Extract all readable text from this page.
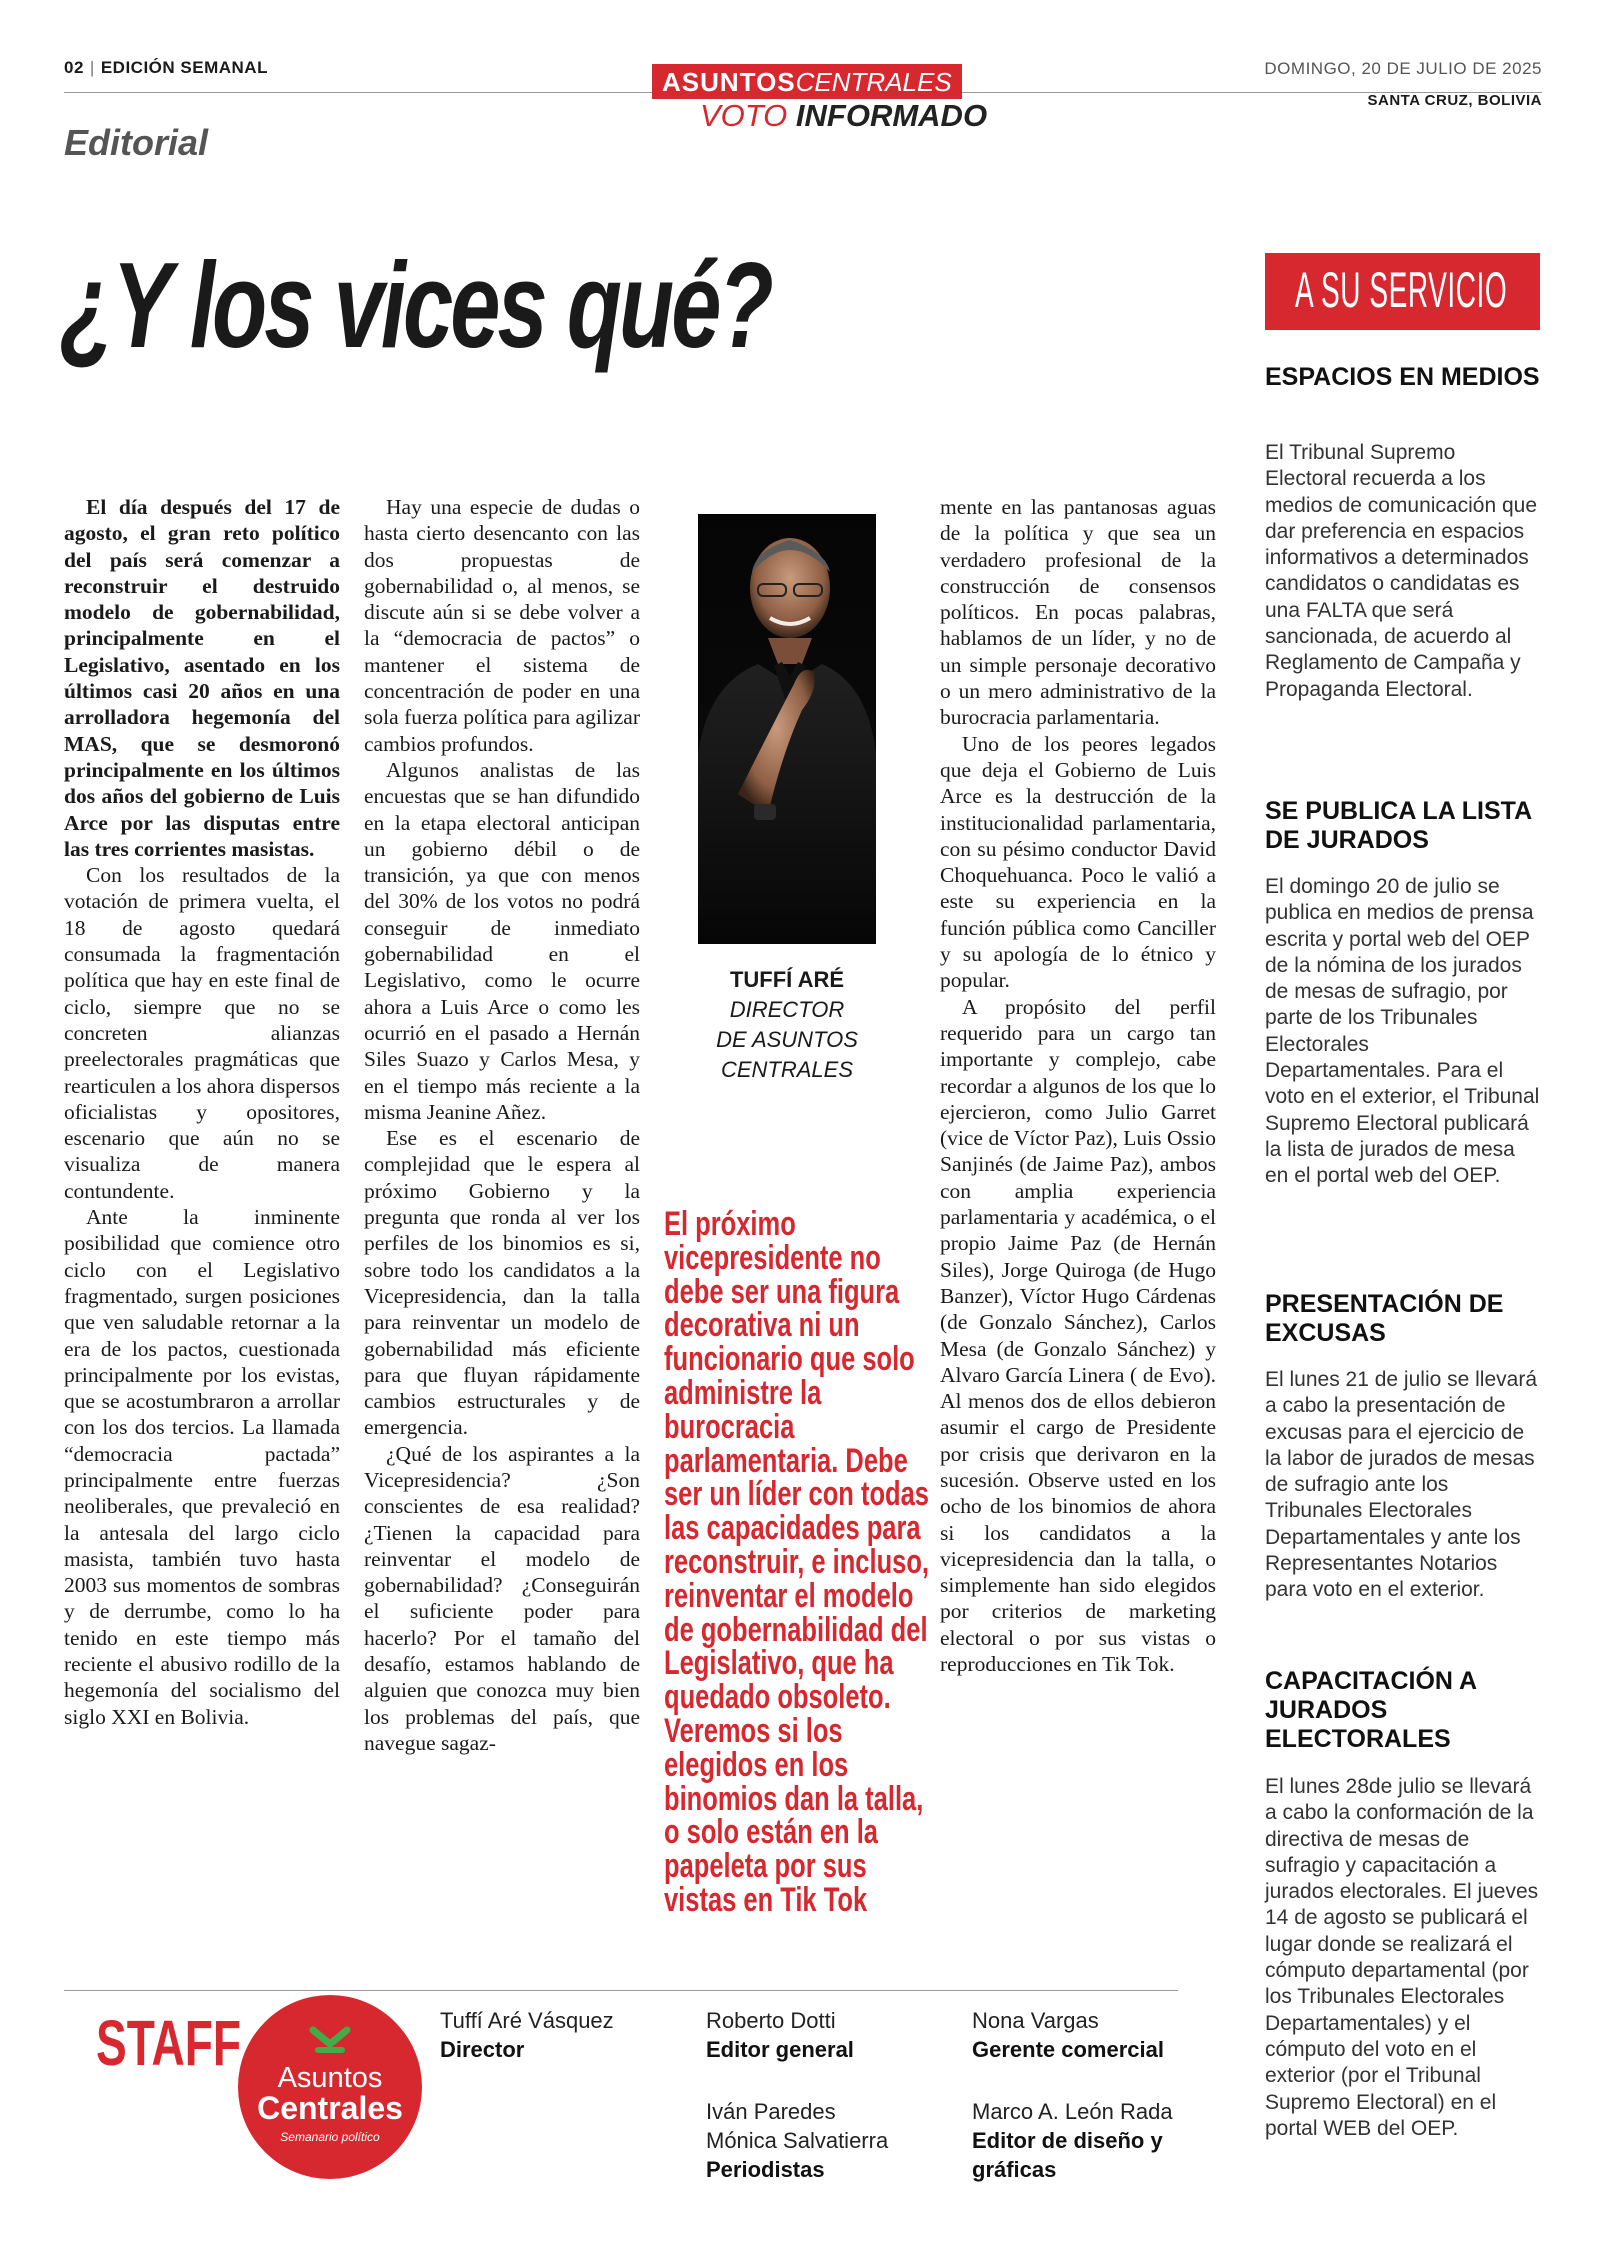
02 | EDICIÓN SEMANAL	DOMINGO, 20 DE JULIO DE 2025
SANTA CRUZ, BOLIVIA
ASUNTOSCENTRALES
VOTO INFORMADO
Editorial
¿Y los vices qué?

El día después del 17 de agosto, el gran reto político del país será comenzar a reconstruir el destruido modelo de gobernabilidad, principalmente en el Legislativo, asentado en los últimos casi 20 años en una arrolladora hegemonía del MAS, que se desmoronó principalmente en los últimos dos años del gobierno de Luis Arce por las disputas entre las tres corrientes masistas.

Con los resultados de la votación de primera vuelta, el 18 de agosto quedará consumada la fragmentación política que hay en este final de ciclo, siempre que no se concreten alianzas preelectorales pragmáticas que rearticulen a los ahora dispersos oficialistas y opositores, escenario que aún no se visualiza de manera contundente.

Ante la inminente posibilidad que comience otro ciclo con el Legislativo fragmentado, surgen posiciones que ven saludable retornar a la era de los pactos, cuestionada principalmente por los evistas, que se acostumbraron a arrollar con los dos tercios. La llamada “democracia pactada” principalmente entre fuerzas neoliberales, que prevaleció en la antesala del largo ciclo masista, también tuvo hasta 2003 sus momentos de sombras y de derrumbe, como lo ha tenido en este tiempo más reciente el abusivo rodillo de la hegemonía del socialismo del siglo XXI en Bolivia.

Hay una especie de dudas o hasta cierto desencanto con las dos propuestas de gobernabilidad o, al menos, se discute aún si se debe volver a la “democracia de pactos” o mantener el sistema de concentración de poder en una sola fuerza política para agilizar cambios profundos.

Algunos analistas de las encuestas que se han difundido en la etapa electoral anticipan un gobierno débil o de transición, ya que con menos del 30% de los votos no podrá conseguir de inmediato gobernabilidad en el Legislativo, como le ocurre ahora a Luis Arce o como les ocurrió en el pasado a Hernán Siles Suazo y Carlos Mesa, y en el tiempo más reciente a la misma Jeanine Añez.

Ese es el escenario de complejidad que le espera al próximo Gobierno y la pregunta que ronda al ver los perfiles de los binomios es si, sobre todo los candidatos a la Vicepresidencia, dan la talla para reinventar un modelo de gobernabilidad más eficiente para que fluyan rápidamente cambios estructurales y de emergencia.

¿Qué de los aspirantes a la Vicepresidencia? ¿Son conscientes de esa realidad? ¿Tienen la capacidad para reinventar el modelo de gobernabilidad? ¿Conseguirán el suficiente poder para hacerlo? Por el tamaño del desafío, estamos hablando de alguien que conozca muy bien los problemas del país, que navegue sagaz-

TUFFÍ ARÉ
DIRECTOR
DE ASUNTOS
CENTRALES
El próximo vicepresidente no debe ser una figura decorativa ni un funcionario que solo administre la burocracia parlamentaria. Debe ser un líder con todas las capacidades para reconstruir, e incluso, reinventar el modelo de gobernabilidad del Legislativo, que ha quedado obsoleto. Veremos si los elegidos en los binomios dan la talla, o solo están en la papeleta por sus vistas en Tik Tok

mente en las pantanosas aguas de la política y que sea un verdadero profesional de la construcción de consensos políticos. En pocas palabras, hablamos de un líder, y no de un simple personaje decorativo o un mero administrativo de la burocracia parlamentaria.

Uno de los peores legados que deja el Gobierno de Luis Arce es la destrucción de la institucionalidad parlamentaria, con su pésimo conductor David Choquehuanca. Poco le valió a este su experiencia en la función pública como Canciller y su apología de lo étnico y popular.

A propósito del perfil requerido para un cargo tan importante y complejo, cabe recordar a algunos de los que lo ejercieron, como Julio Garret (vice de Víctor Paz), Luis Ossio Sanjinés (de Jaime Paz), ambos con amplia experiencia parlamentaria y académica, o el propio Jaime Paz (de Hernán Siles), Jorge Quiroga (de Hugo Banzer), Víctor Hugo Cárdenas (de Gonzalo Sánchez), Carlos Mesa (de Gonzalo Sánchez) y Alvaro García Linera ( de Evo). Al menos dos de ellos debieron asumir el cargo de Presidente por crisis que derivaron en la sucesión. Observe usted en los ocho de los binomios de ahora si los candidatos a la vicepresidencia dan la talla, o simplemente han sido elegidos por criterios de marketing electoral o por sus vistas o reproducciones en Tik Tok.

A SU SERVICIO
ESPACIOS EN MEDIOS
El Tribunal Supremo Electoral recuerda a los medios de comunicación que dar preferencia en espacios informativos a determinados candidatos o candidatas es una FALTA que será sancionada, de acuerdo al Reglamento de Campaña y Propaganda Electoral.
SE PUBLICA LA LISTA DE JURADOS
El domingo 20 de julio se publica en medios de prensa escrita y portal web del OEP de la nómina de los jurados de mesas de sufragio, por parte de los Tribunales Electorales Departamentales. Para el voto en el exterior, el Tribunal Supremo Electoral publicará la lista de jurados de mesa en el portal web del OEP.
PRESENTACIÓN DE EXCUSAS
El lunes 21 de julio se llevará a cabo la presentación de excusas para el ejercicio de la labor de jurados de mesas de sufragio ante los Tribunales Electorales Departamentales y ante los Representantes Notarios para voto en el exterior.
CAPACITACIÓN A JURADOS ELECTORALES
El lunes 28de julio se llevará a cabo la conformación de la directiva de mesas de sufragio y capacitación a jurados electorales. El jueves 14 de agosto se publicará el lugar donde se realizará el cómputo departamental (por los Tribunales Electorales Departamentales) y el cómputo del voto en el exterior (por el Tribunal Supremo Electoral) en el portal WEB del OEP.
STAFF Asuntos
Centrales
Semanario político
Tuffí Aré Vásquez
Director
Roberto Dotti
Editor general
Nona Vargas
Gerente comercial
Iván Paredes
Mónica Salvatierra
Periodistas
Marco A. León Rada
Editor de diseño y
gráficas
